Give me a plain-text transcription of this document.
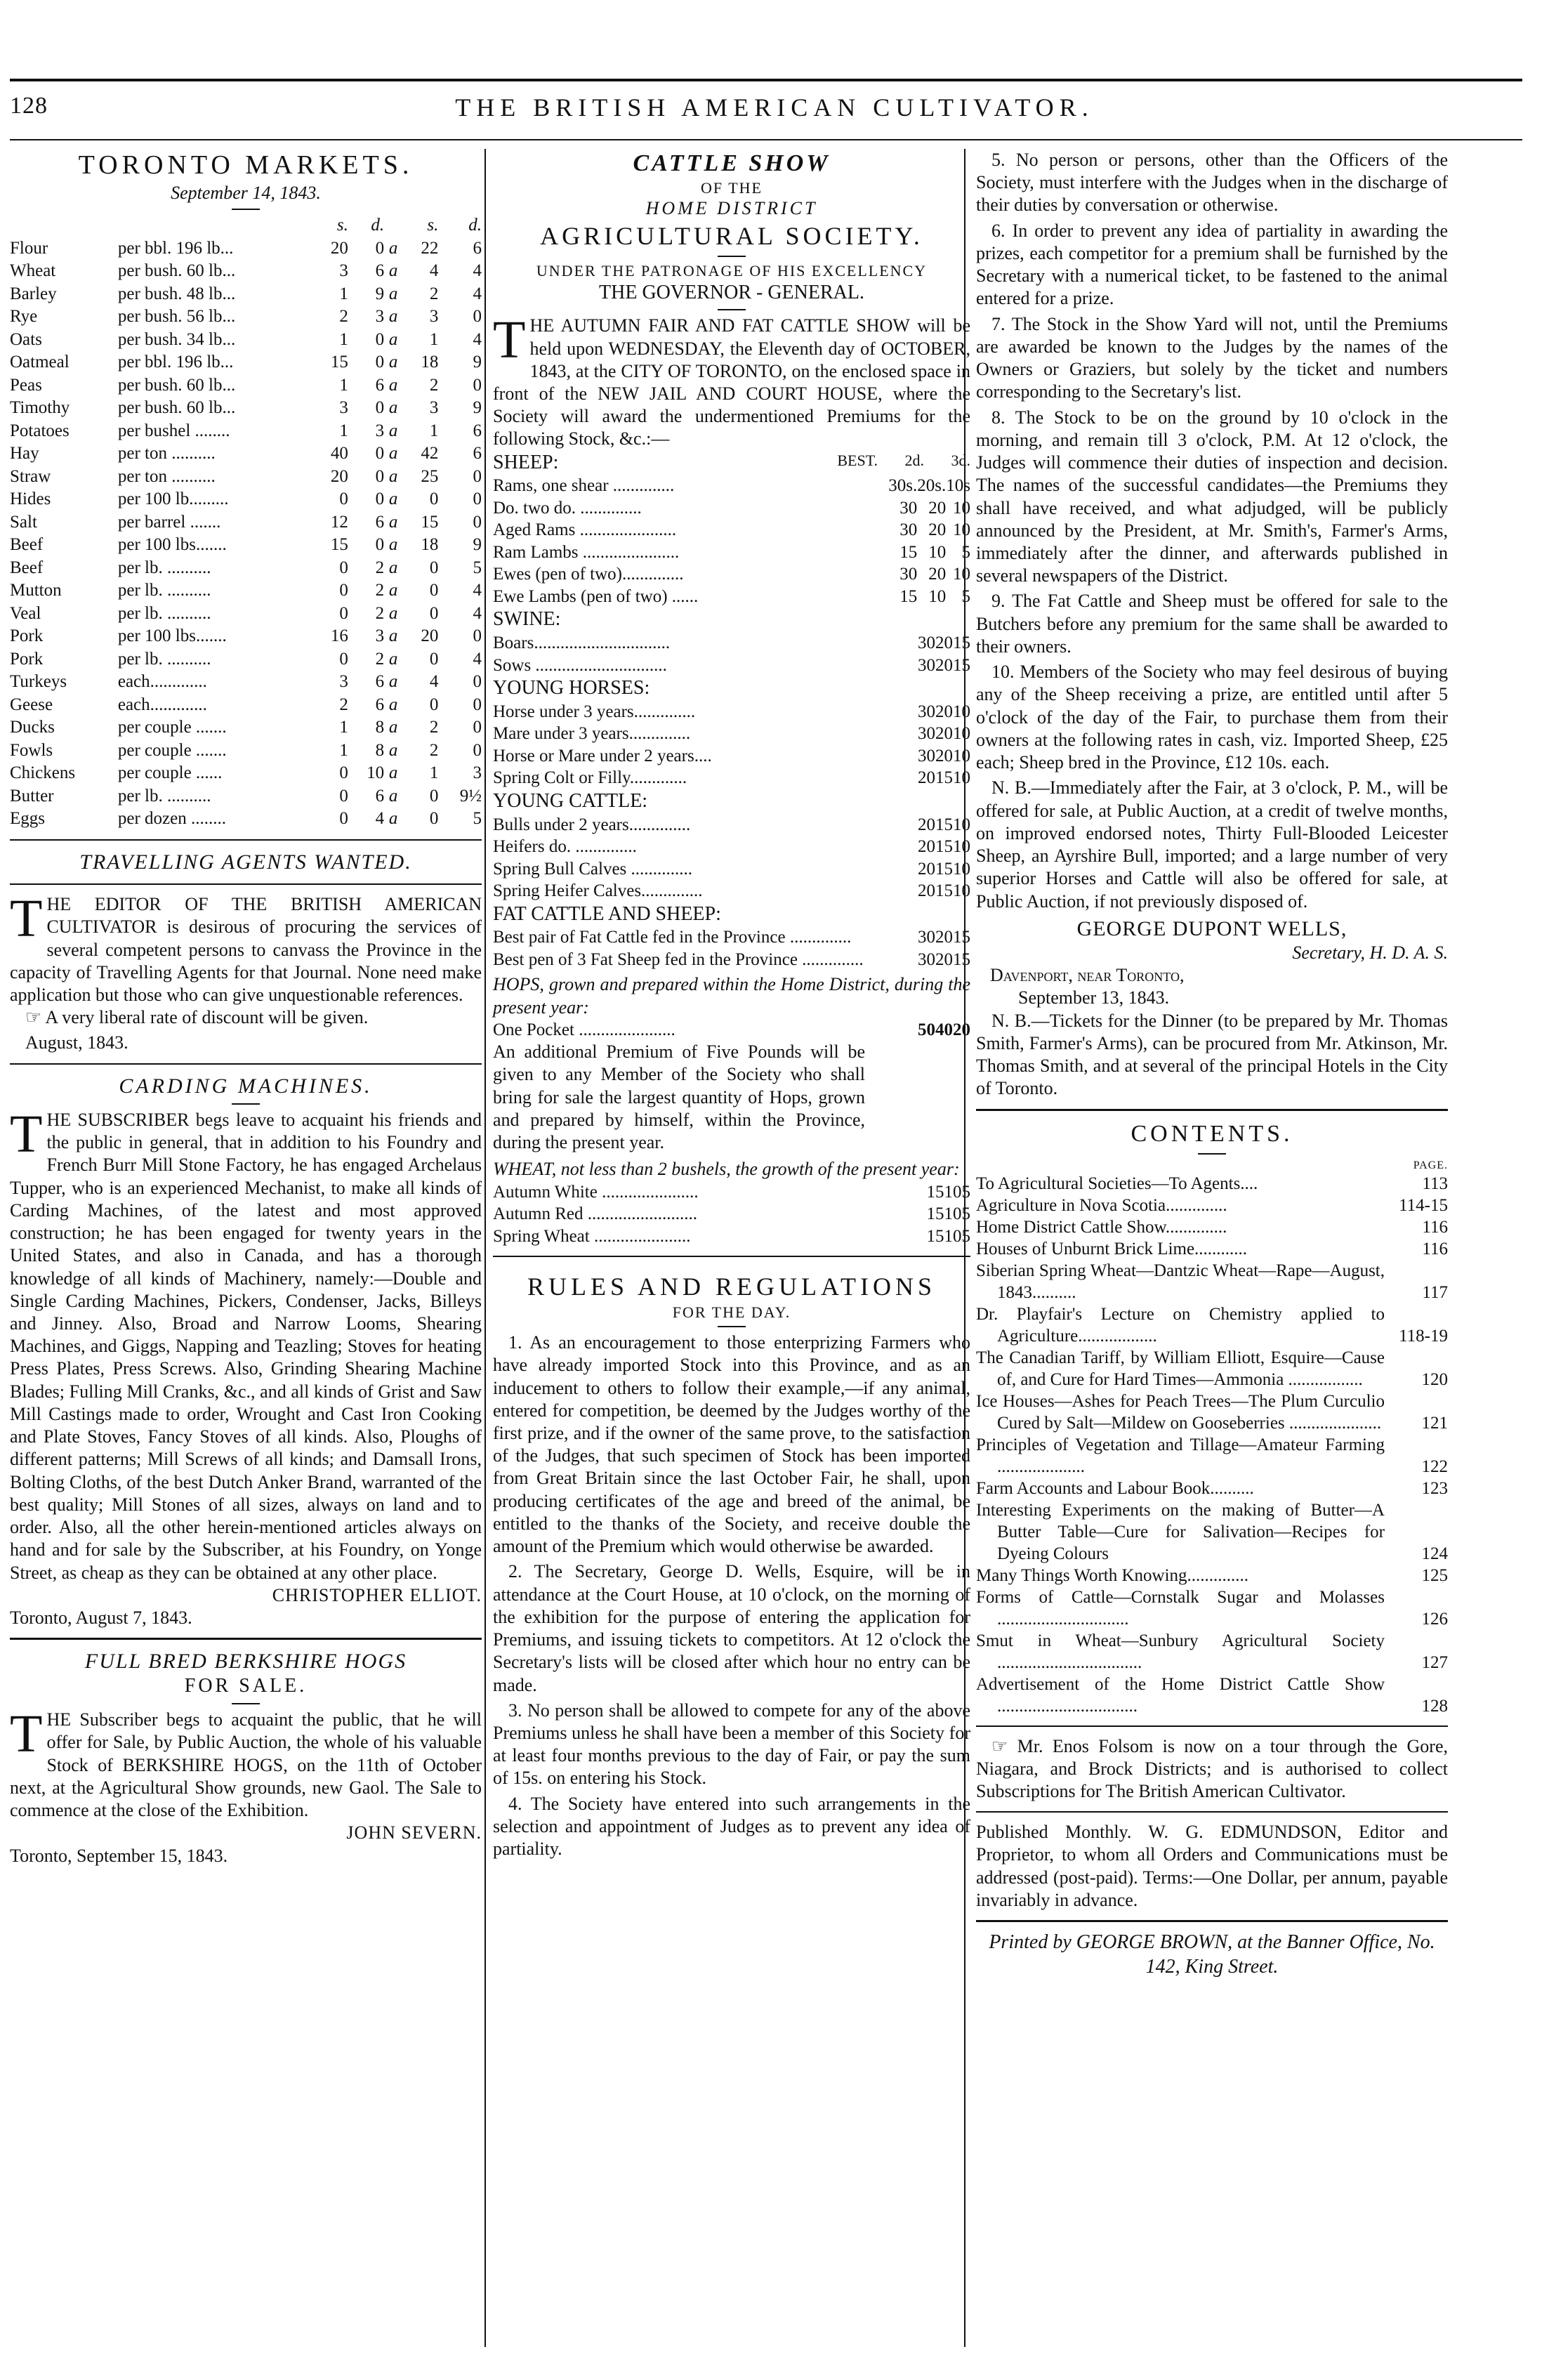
128	THE BRITISH AMERICAN CULTIVATOR.
TORONTO MARKETS.
September 14, 1843.
		s.	d.		s.	d.
Flour	per bbl. 196 lb...	20	0	a	22	6
Wheat	per bush. 60 lb...	3	6	a	4	4
Barley	per bush. 48 lb...	1	9	a	2	4
Rye	per bush. 56 lb...	2	3	a	3	0
Oats	per bush. 34 lb...	1	0	a	1	4
Oatmeal	per bbl. 196 lb...	15	0	a	18	9
Peas	per bush. 60 lb...	1	6	a	2	0
Timothy	per bush. 60 lb...	3	0	a	3	9
Potatoes	per bushel ........	1	3	a	1	6
Hay	per ton ..........	40	0	a	42	6
Straw	per ton ..........	20	0	a	25	0
Hides	per 100 lb.........	0	0	a	0	0
Salt	per barrel .......	12	6	a	15	0
Beef	per 100 lbs.......	15	0	a	18	9
Beef	per lb. ..........	0	2	a	0	5
Mutton	per lb. ..........	0	2	a	0	4
Veal	per lb. ..........	0	2	a	0	4
Pork	per 100 lbs.......	16	3	a	20	0
Pork	per lb. ..........	0	2	a	0	4
Turkeys	each.............	3	6	a	4	0
Geese	each.............	2	6	a	0	0
Ducks	per couple .......	1	8	a	2	0
Fowls	per couple .......	1	8	a	2	0
Chickens	per couple ......	0	10	a	1	3
Butter	per lb. ..........	0	6	a	0	9½
Eggs	per dozen ........	0	4	a	0	5
TRAVELLING AGENTS WANTED.
T HE EDITOR OF THE BRITISH AMERICAN CULTIVATOR is desirous of procuring the services of several competent persons to canvass the Province in the capacity of Travelling Agents for that Journal. None need make application but those who can give unquestionable references.

☞ A very liberal rate of discount will be given.

August, 1843.

CARDING MACHINES.
T HE SUBSCRIBER begs leave to acquaint his friends and the public in general, that in addition to his Foundry and French Burr Mill Stone Factory, he has engaged Archelaus Tupper, who is an experienced Mechanist, to make all kinds of Carding Machines, of the latest and most approved construction; he has been engaged for twenty years in the United States, and also in Canada, and has a thorough knowledge of all kinds of Machinery, namely:—Double and Single Carding Machines, Pickers, Condenser, Jacks, Billeys and Jinney. Also, Broad and Narrow Looms, Shearing Machines, and Giggs, Napping and Teazling; Stoves for heating Press Plates, Press Screws. Also, Grinding Shearing Machine Blades; Fulling Mill Cranks, &c., and all kinds of Grist and Saw Mill Castings made to order, Wrought and Cast Iron Cooking and Plate Stoves, Fancy Stoves of all kinds. Also, Ploughs of different patterns; Mill Screws of all kinds; and Damsall Irons, Bolting Cloths, of the best Dutch Anker Brand, warranted of the best quality; Mill Stones of all sizes, always on land and to order. Also, all the other herein-mentioned articles always on hand and for sale by the Subscriber, at his Foundry, on Yonge Street, as cheap as they can be obtained at any other place.
CHRISTOPHER ELLIOT.
Toronto, August 7, 1843.
FULL BRED BERKSHIRE HOGS
FOR SALE.
T HE Subscriber begs to acquaint the public, that he will offer for Sale, by Public Auction, the whole of his valuable Stock of BERKSHIRE HOGS, on the 11th of October next, at the Agricultural Show grounds, new Gaol. The Sale to commence at the close of the Exhibition.
JOHN SEVERN.
Toronto, September 15, 1843.
CATTLE SHOW
OF THE
HOME DISTRICT
AGRICULTURAL SOCIETY.
UNDER THE PATRONAGE OF HIS EXCELLENCY
THE GOVERNOR - GENERAL.
T HE AUTUMN FAIR AND FAT CATTLE SHOW will be held upon WEDNESDAY, the Eleventh day of OCTOBER, 1843, at the CITY OF TORONTO, on the enclosed space in front of the NEW JAIL AND COURT HOUSE, where the Society will award the undermentioned Premiums for the following Stock, &c.:—
SHEEP:	BEST. 2d. 3d.
Rams, one shear ..............	30s.	20s.	10s
Do. two do. ..............	30	20	10
Aged Rams ......................	30	20	10
Ram Lambs ......................	15	10	5
Ewes (pen of two)..............	30	20	10
Ewe Lambs (pen of two) ......	15	10	5
SWINE:
Boars...............................	30	20	15
Sows ..............................	30	20	15
YOUNG HORSES:
Horse under 3 years..............	30	20	10
Mare under 3 years..............	30	20	10
Horse or Mare under 2 years....	30	20	10
Spring Colt or Filly.............	20	15	10
YOUNG CATTLE:
Bulls under 2 years..............	20	15	10
Heifers do. ..............	20	15	10
Spring Bull Calves ..............	20	15	10
Spring Heifer Calves..............	20	15	10
FAT CATTLE AND SHEEP:
Best pair of Fat Cattle fed in the Province ..............	30	20	15
Best pen of 3 Fat Sheep fed in the Province ..............	30	20	15
HOPS, grown and prepared within the Home District, during the present year:
One Pocket ......................	50	40	20
An additional Premium of Five Pounds will be given to any Member of the Society who shall bring for sale the largest quantity of Hops, grown and prepared by himself, within the Province, during the present year.
WHEAT, not less than 2 bushels, the growth of the present year:
Autumn White ......................	15	10	5
Autumn Red .........................	15	10	5
Spring Wheat ......................	15	10	5
RULES AND REGULATIONS
FOR THE DAY.

1. As an encouragement to those enterprizing Farmers who have already imported Stock into this Province, and as an inducement to others to follow their example,—if any animal, entered for competition, be deemed by the Judges worthy of the first prize, and if the owner of the same prove, to the satisfaction of the Judges, that such specimen of Stock has been imported from Great Britain since the last October Fair, he shall, upon producing certificates of the age and breed of the animal, be entitled to the thanks of the Society, and receive double the amount of the Premium which would otherwise be awarded.

2. The Secretary, George D. Wells, Esquire, will be in attendance at the Court House, at 10 o'clock, on the morning of the exhibition for the purpose of entering the application for Premiums, and issuing tickets to competitors. At 12 o'clock the Secretary's lists will be closed after which hour no entry can be made.

3. No person shall be allowed to compete for any of the above Premiums unless he shall have been a member of this Society for at least four months previous to the day of Fair, or pay the sum of 15s. on entering his Stock.

4. The Society have entered into such arrangements in the selection and appointment of Judges as to prevent any idea of partiality.

5. No person or persons, other than the Officers of the Society, must interfere with the Judges when in the discharge of their duties by conversation or otherwise.

6. In order to prevent any idea of partiality in awarding the prizes, each competitor for a premium shall be furnished by the Secretary with a numerical ticket, to be fastened to the animal entered for a prize.

7. The Stock in the Show Yard will not, until the Premiums are awarded be known to the Judges by the names of the Owners or Graziers, but solely by the ticket and numbers corresponding to the Secretary's list.

8. The Stock to be on the ground by 10 o'clock in the morning, and remain till 3 o'clock, P.M. At 12 o'clock, the Judges will commence their duties of inspection and decision. The names of the successful candidates—the Premiums they shall have received, and what adjudged, will be publicly announced by the President, at Mr. Smith's, Farmer's Arms, immediately after the dinner, and afterwards published in several newspapers of the District.

9. The Fat Cattle and Sheep must be offered for sale to the Butchers before any premium for the same shall be awarded to their owners.

10. Members of the Society who may feel desirous of buying any of the Sheep receiving a prize, are entitled until after 5 o'clock of the day of the Fair, to purchase them from their owners at the following rates in cash, viz. Imported Sheep, £25 each; Sheep bred in the Province, £12 10s. each.

N. B.—Immediately after the Fair, at 3 o'clock, P. M., will be offered for sale, at Public Auction, at a credit of twelve months, on improved endorsed notes, Thirty Full-Blooded Leicester Sheep, an Ayrshire Bull, imported; and a large number of very superior Horses and Cattle will also be offered for sale, at Public Auction, if not previously disposed of.

GEORGE DUPONT WELLS,
Secretary, H. D. A. S.
Davenport, near Toronto,
September 13, 1843.

N. B.—Tickets for the Dinner (to be prepared by Mr. Thomas Smith, Farmer's Arms), can be procured from Mr. Atkinson, Mr. Thomas Smith, and at several of the principal Hotels in the City of Toronto.

CONTENTS.
PAGE.
To Agricultural Societies—To Agents....	113
Agriculture in Nova Scotia..............	114-15
Home District Cattle Show..............	116
Houses of Unburnt Brick Lime............	116
Siberian Spring Wheat—Dantzic Wheat—Rape—August, 1843..........	117
Dr. Playfair's Lecture on Chemistry applied to Agriculture..................	118-19
The Canadian Tariff, by William Elliott, Esquire—Cause of, and Cure for Hard Times—Ammonia .................	120
Ice Houses—Ashes for Peach Trees—The Plum Curculio Cured by Salt—Mildew on Gooseberries .....................	121
Principles of Vegetation and Tillage—Amateur Farming ....................	122
Farm Accounts and Labour Book..........	123
Interesting Experiments on the making of Butter—A Butter Table—Cure for Salivation—Recipes for Dyeing Colours	124
Many Things Worth Knowing..............	125
Forms of Cattle—Cornstalk Sugar and Molasses ..............................	126
Smut in Wheat—Sunbury Agricultural Society .................................	127
Advertisement of the Home District Cattle Show ................................	128

☞ Mr. Enos Folsom is now on a tour through the Gore, Niagara, and Brock Districts; and is authorised to collect Subscriptions for The British American Cultivator.

Published Monthly. W. G. EDMUNDSON, Editor and Proprietor, to whom all Orders and Communications must be addressed (post-paid). Terms:—One Dollar, per annum, payable invariably in advance.

Printed by GEORGE BROWN, at the Banner Office, No. 142, King Street.
